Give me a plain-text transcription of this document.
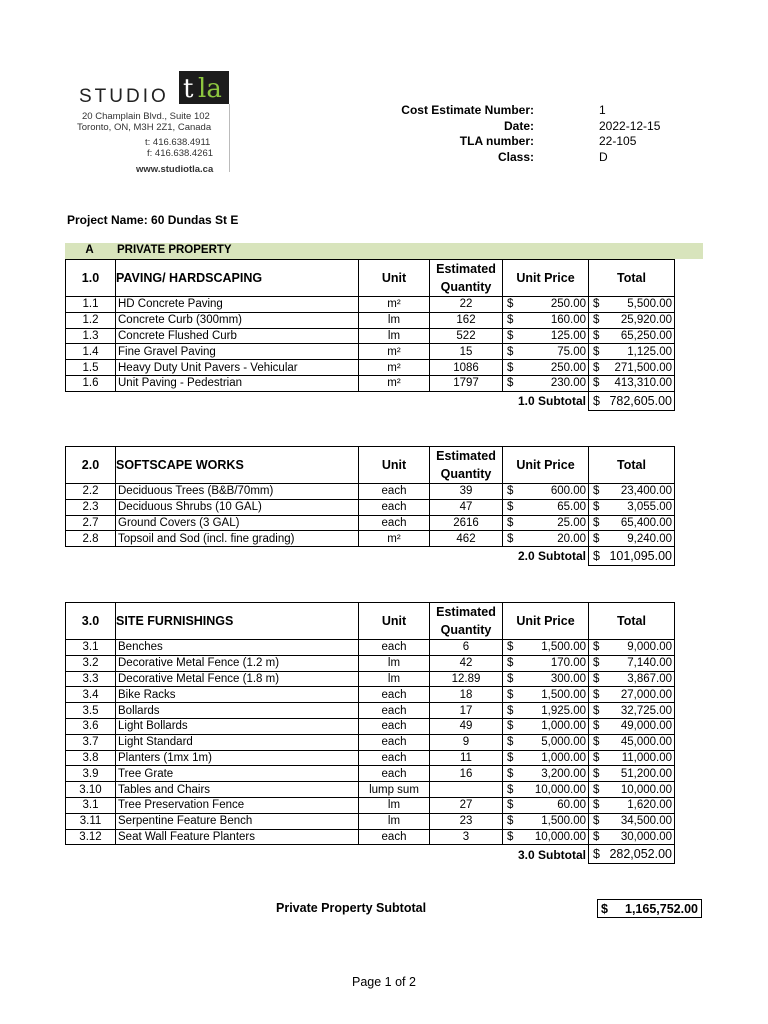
STUDIO t la
20 Champlain Blvd., Suite 102
Toronto, ON, M3H 2Z1, Canada
t: 416.638.4911
f: 416.638.4261
www.studiotla.ca
Cost Estimate Number:	1
Date:	2022-12-15
TLA number:	22-105
Class:	D
Project Name: 60 Dundas St E
A	PRIVATE PROPERTY
1.0	PAVING/ HARDSCAPING	Unit	Estimated
Quantity	Unit Price	Total
1.1	HD Concrete Paving	m²	22	$ 250.00	$ 5,500.00

1.2	Concrete Curb (300mm)	lm	162	$ 160.00	$ 25,920.00

1.3	Concrete Flushed Curb	lm	522	$ 125.00	$ 65,250.00

1.4	Fine Gravel Paving	m²	15	$ 75.00	$ 1,125.00

1.5	Heavy Duty Unit Pavers - Vehicular	m²	1086	$ 250.00	$ 271,500.00

1.6	Unit Paving - Pedestrian	m²	1797	$ 230.00	$ 413,310.00

				1.0 Subtotal	$ 782,605.00
2.0	SOFTSCAPE WORKS	Unit	Estimated
Quantity	Unit Price	Total
2.2	Deciduous Trees (B&B/70mm)	each	39	$ 600.00	$ 23,400.00

2.3	Deciduous Shrubs (10 GAL)	each	47	$ 65.00	$ 3,055.00

2.7	Ground Covers (3 GAL)	each	2616	$ 25.00	$ 65,400.00

2.8	Topsoil and Sod (incl. fine grading)	m²	462	$ 20.00	$ 9,240.00

				2.0 Subtotal	$ 101,095.00
3.0	SITE FURNISHINGS	Unit	Estimated
Quantity	Unit Price	Total
3.1	Benches	each	6	$ 1,500.00	$ 9,000.00

3.2	Decorative Metal Fence (1.2 m)	lm	42	$ 170.00	$ 7,140.00

3.3	Decorative Metal Fence (1.8 m)	lm	12.89	$ 300.00	$ 3,867.00

3.4	Bike Racks	each	18	$ 1,500.00	$ 27,000.00

3.5	Bollards	each	17	$ 1,925.00	$ 32,725.00

3.6	Light Bollards	each	49	$ 1,000.00	$ 49,000.00

3.7	Light Standard	each	9	$ 5,000.00	$ 45,000.00

3.8	Planters (1mx 1m)	each	11	$ 1,000.00	$ 11,000.00

3.9	Tree Grate	each	16	$ 3,200.00	$ 51,200.00

3.10	Tables and Chairs	lump sum		$ 10,000.00	$ 10,000.00

3.1	Tree Preservation Fence	lm	27	$ 60.00	$ 1,620.00

3.11	Serpentine Feature Bench	lm	23	$ 1,500.00	$ 34,500.00

3.12	Seat Wall Feature Planters	each	3	$ 10,000.00	$ 30,000.00

				3.0 Subtotal	$ 282,052.00
Private Property Subtotal	$ 1,165,752.00
Page 1 of 2
